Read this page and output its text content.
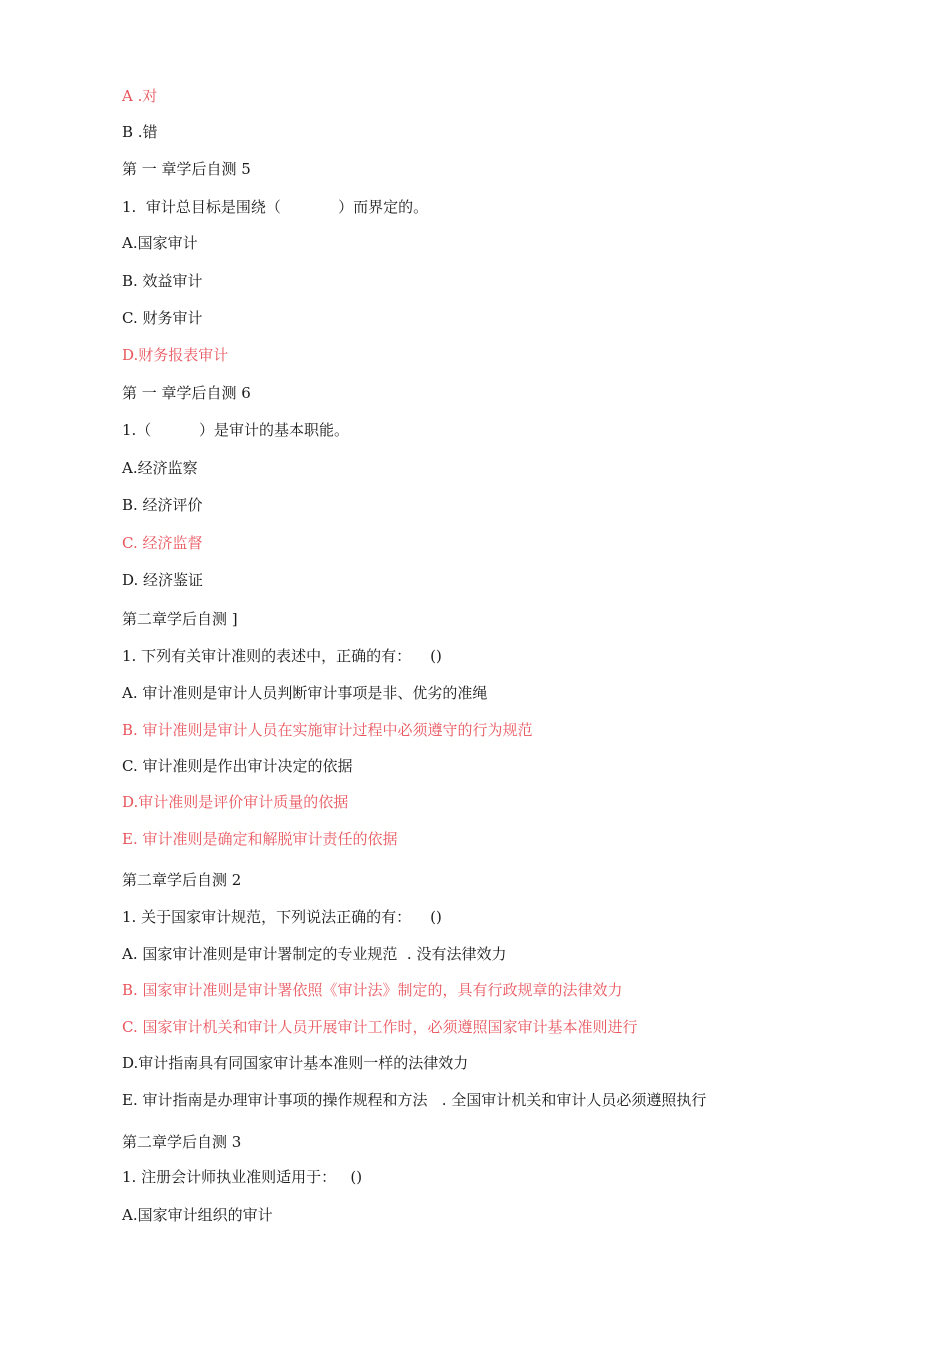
A .对
B .错
第 一 章学后自测 5
1.  审计总目标是围绕（            ）而界定的。
A.国家审计
B. 效益审计
C. 财务审计
D.财务报表审计
第 一 章学后自测 6
1.（          ）是审计的基本职能。
A.经济监察
B. 经济评价
C. 经济监督
D. 经济鉴证
第二章学后自测 ]
1. 下列有关审计准则的表述中，正确的有：    ()
A. 审计准则是审计人员判断审计事项是非、优劣的准绳
B. 审计准则是审计人员在实施审计过程中必须遵守的行为规范
C. 审计准则是作出审计决定的依据
D.审计准则是评价审计质量的依据
E. 审计准则是确定和解脱审计责任的依据
第二章学后自测 2
1. 关于国家审计规范，下列说法正确的有：    ()
A. 国家审计准则是审计署制定的专业规范  . 没有法律效力
B. 国家审计准则是审计署依照《审计法》制定的，具有行政规章的法律效力
C. 国家审计机关和审计人员开展审计工作时，必须遵照国家审计基本准则进行
D.审计指南具有同国家审计基本准则一样的法律效力
E. 审计指南是办理审计事项的操作规程和方法   . 全国审计机关和审计人员必须遵照执行
第二章学后自测 3
1. 注册会计师执业准则适用于：   ()
A.国家审计组织的审计
